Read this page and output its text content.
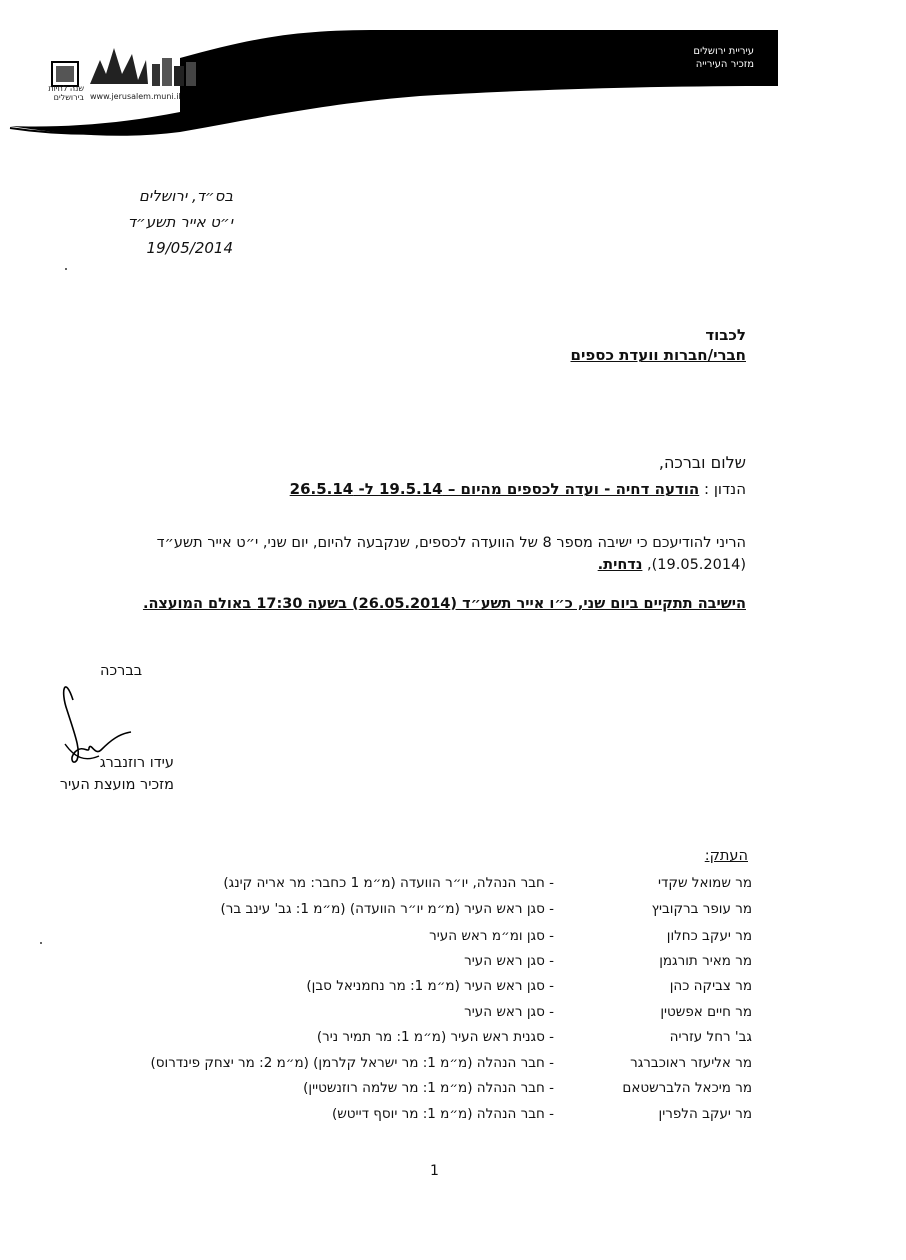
עיריית ירושלים
מזכיר העירייה
שנה לחיות בירושלים www.jerusalem.muni.il
בס״ד, ירושלים
י״ט אייר תשע״ד
19/05/2014
לכבוד
חברי/חברות וועדת כספים
שלום וברכה,
הנדון : הודעה דחיה - ועדה לכספים מהיום – 19.5.14 ל- 26.5.14
הריני להודיעכם כי ישיבה מספר 8 של הוועדה לכספים, שנקבעה להיום, יום שני, י״ט אייר תשע״ד (19.05.2014), נדחית.
הישיבה תתקיים ביום שני, כ״ו אייר תשע״ד (26.05.2014) בשעה 17:30 באולם המועצה.
בברכה
עידו רוזנברג
מזכיר מועצת העיר
העתק:
מר שמואל שקדי
- חבר הנהלה, יו״ר הוועדה (מ״מ 1 כחבר: מר אריה קינג)
מר עופר ברקוביץ
- סגן ראש העיר (מ״מ יו״ר הוועדה) (מ״מ 1: גב' עינב בר)
מר יעקב כחלון
- סגן ומ״מ ראש העיר
מר מאיר תורגמן
- סגן ראש העיר
מר צביקה כהן
- סגן ראש העיר (מ״מ 1: מר נחמניאל סבן)
מר חיים אפשטין
- סגן ראש העיר
גב' רחל עזריה
- סגנית ראש העיר (מ״מ 1: מר תמיר ניר)
מר אליעזר ראוכברגר
- חבר הנהלה (מ״מ 1: מר ישראל קלרמן) (מ״מ 2: מר יצחק פינדרוס)
מר מיכאל הלברשטאם
- חבר הנהלה (מ״מ 1: מר שלמה רוזנשטיין)
מר יעקב הלפרין
- חבר הנהלה (מ״מ 1: מר יוסף דייטש)
1
